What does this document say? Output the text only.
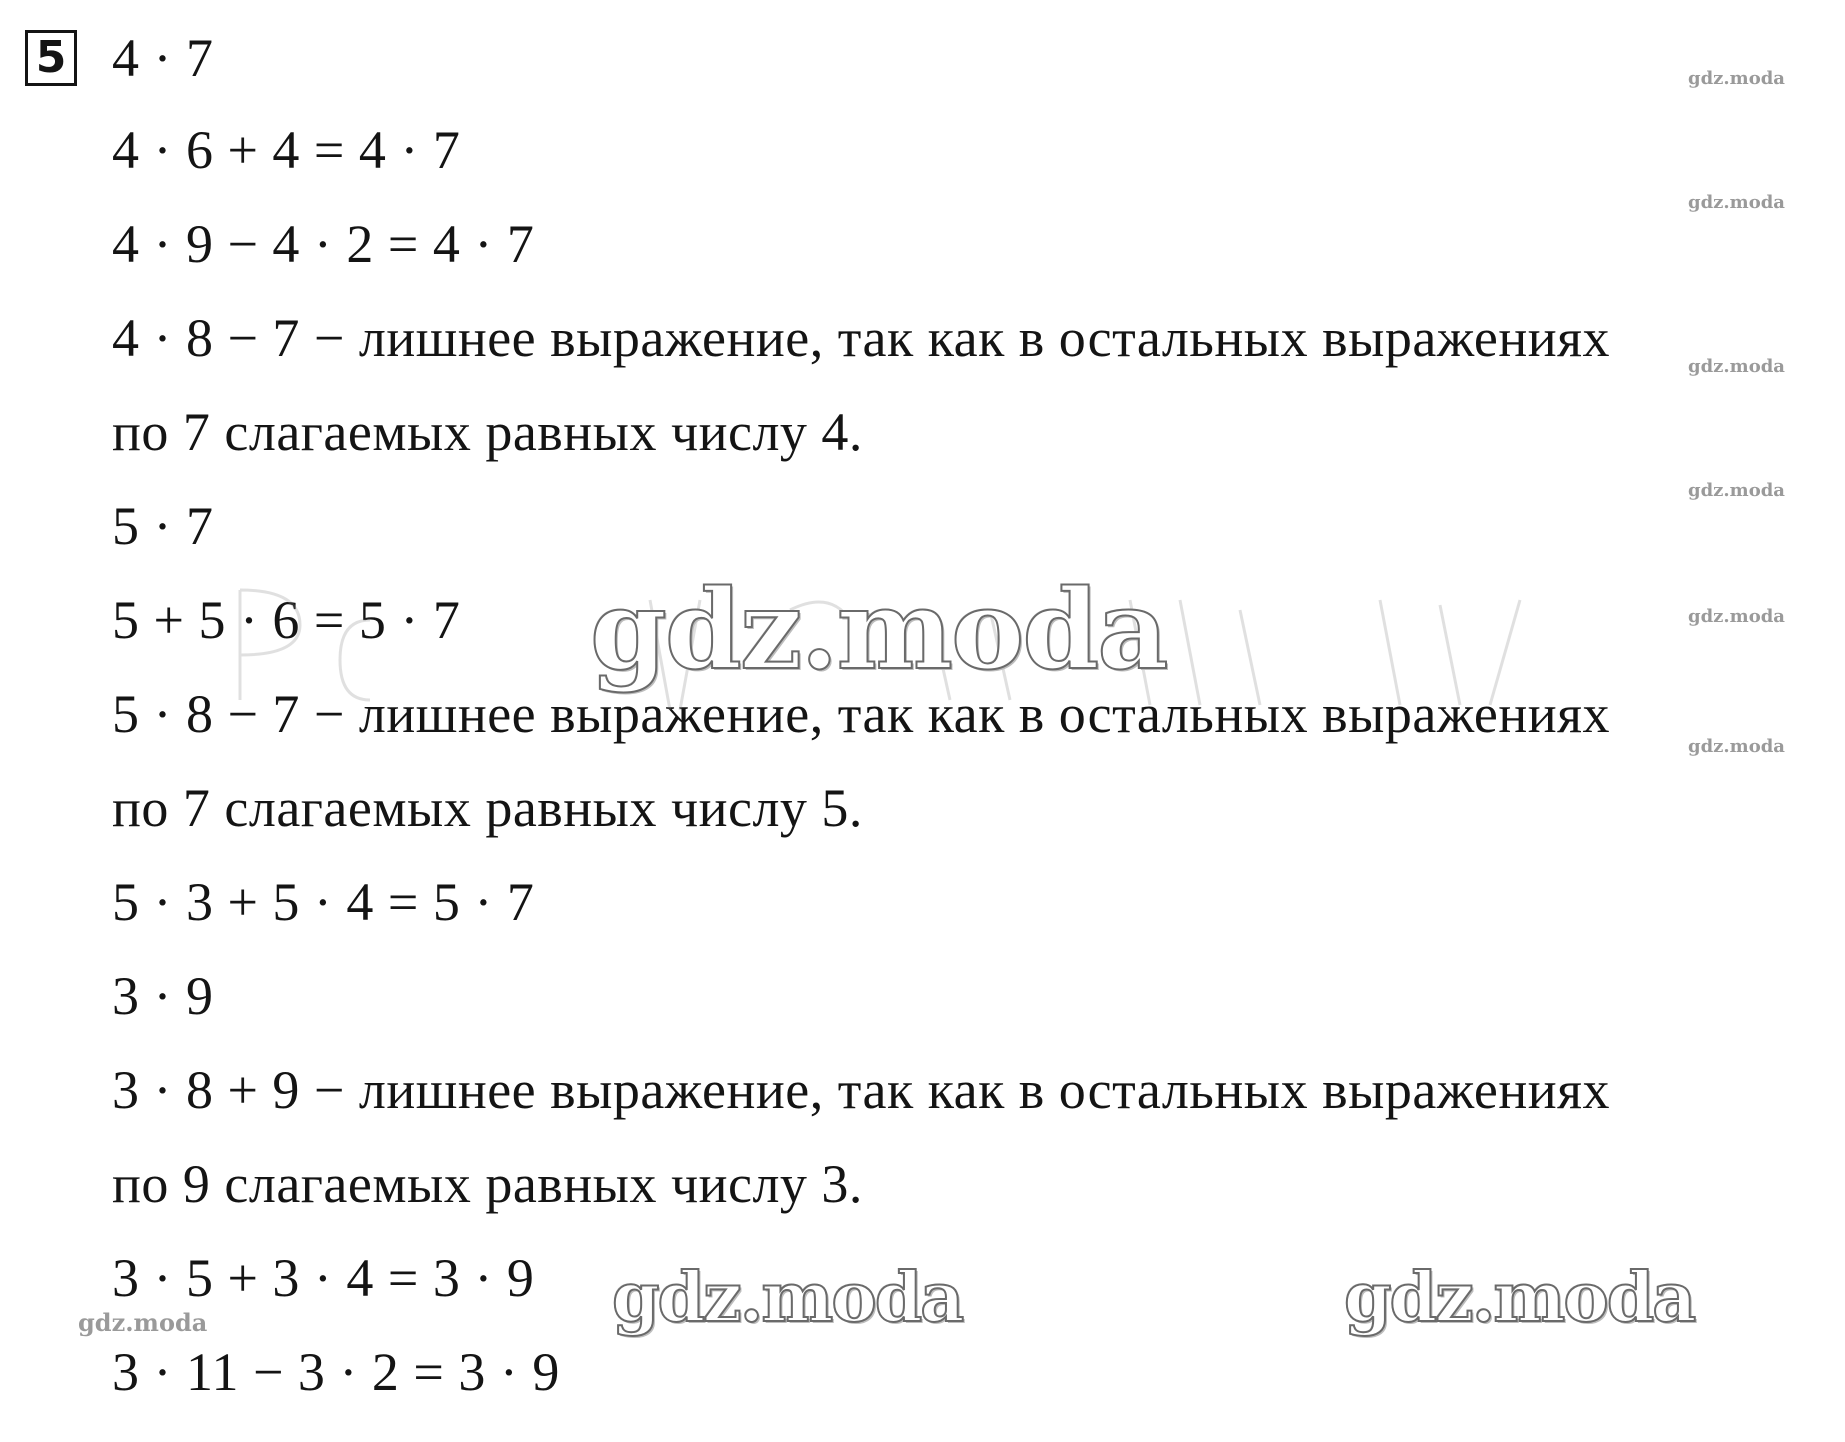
5 4 · 7
4 · 6 + 4 = 4 · 7
4 · 9 − 4 · 2 = 4 · 7
4 · 8 − 7 − лишнее выражение, так как в остальных выражениях
по 7 слагаемых равных числу 4.
5 · 7
5 + 5 · 6 = 5 · 7
5 · 8 − 7 − лишнее выражение, так как в остальных выражениях
по 7 слагаемых равных числу 5.
5 · 3 + 5 · 4 = 5 · 7
3 · 9
3 · 8 + 9 − лишнее выражение, так как в остальных выражениях
по 9 слагаемых равных числу 3.
3 · 5 + 3 · 4 = 3 · 9
3 · 11 − 3 · 2 = 3 · 9
gdz.moda
gdz.moda
gdz.moda
gdz.moda
gdz.moda
gdz.moda
gdz.moda
gdz.moda
gdz.moda	gdz.moda
